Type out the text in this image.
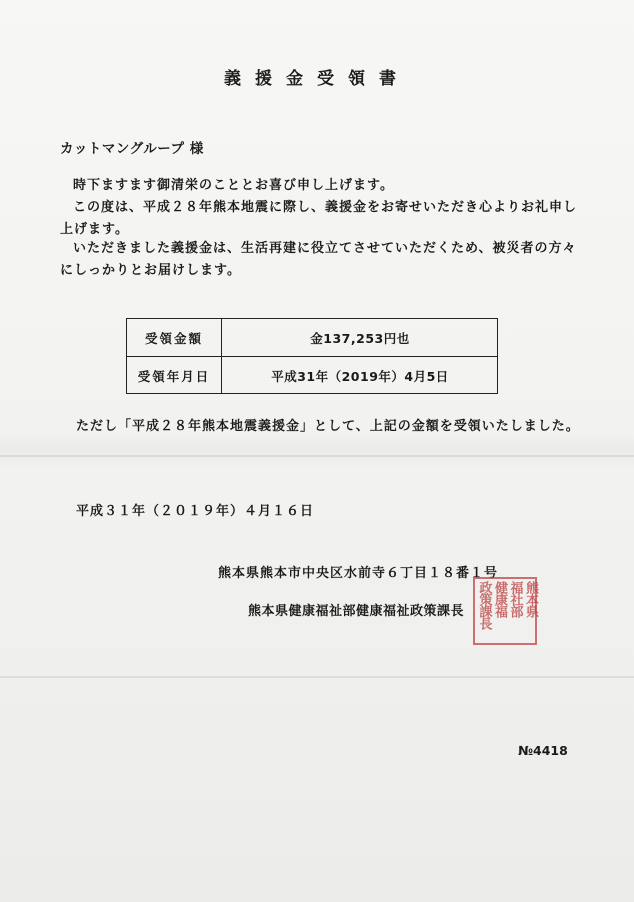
義援金受領書
カットマングループ 様
時下ますます御清栄のこととお喜び申し上げます。
この度は、平成２８年熊本地震に際し、義援金をお寄せいただき心よりお礼申し上げます。
いただきました義援金は、生活再建に役立てさせていただくため、被災者の方々にしっかりとお届けします。
受領金額	金137,253円也
受領年月日	平成31年（2019年）4月5日
ただし「平成２８年熊本地震義援金」として、上記の金額を受領いたしました。
平成３１年（２０１９年）４月１６日
熊本県熊本市中央区水前寺６丁目１８番１号
熊本県健康福祉部健康福祉政策課長	熊本県
福社部
健康福
政策課長
№4418
